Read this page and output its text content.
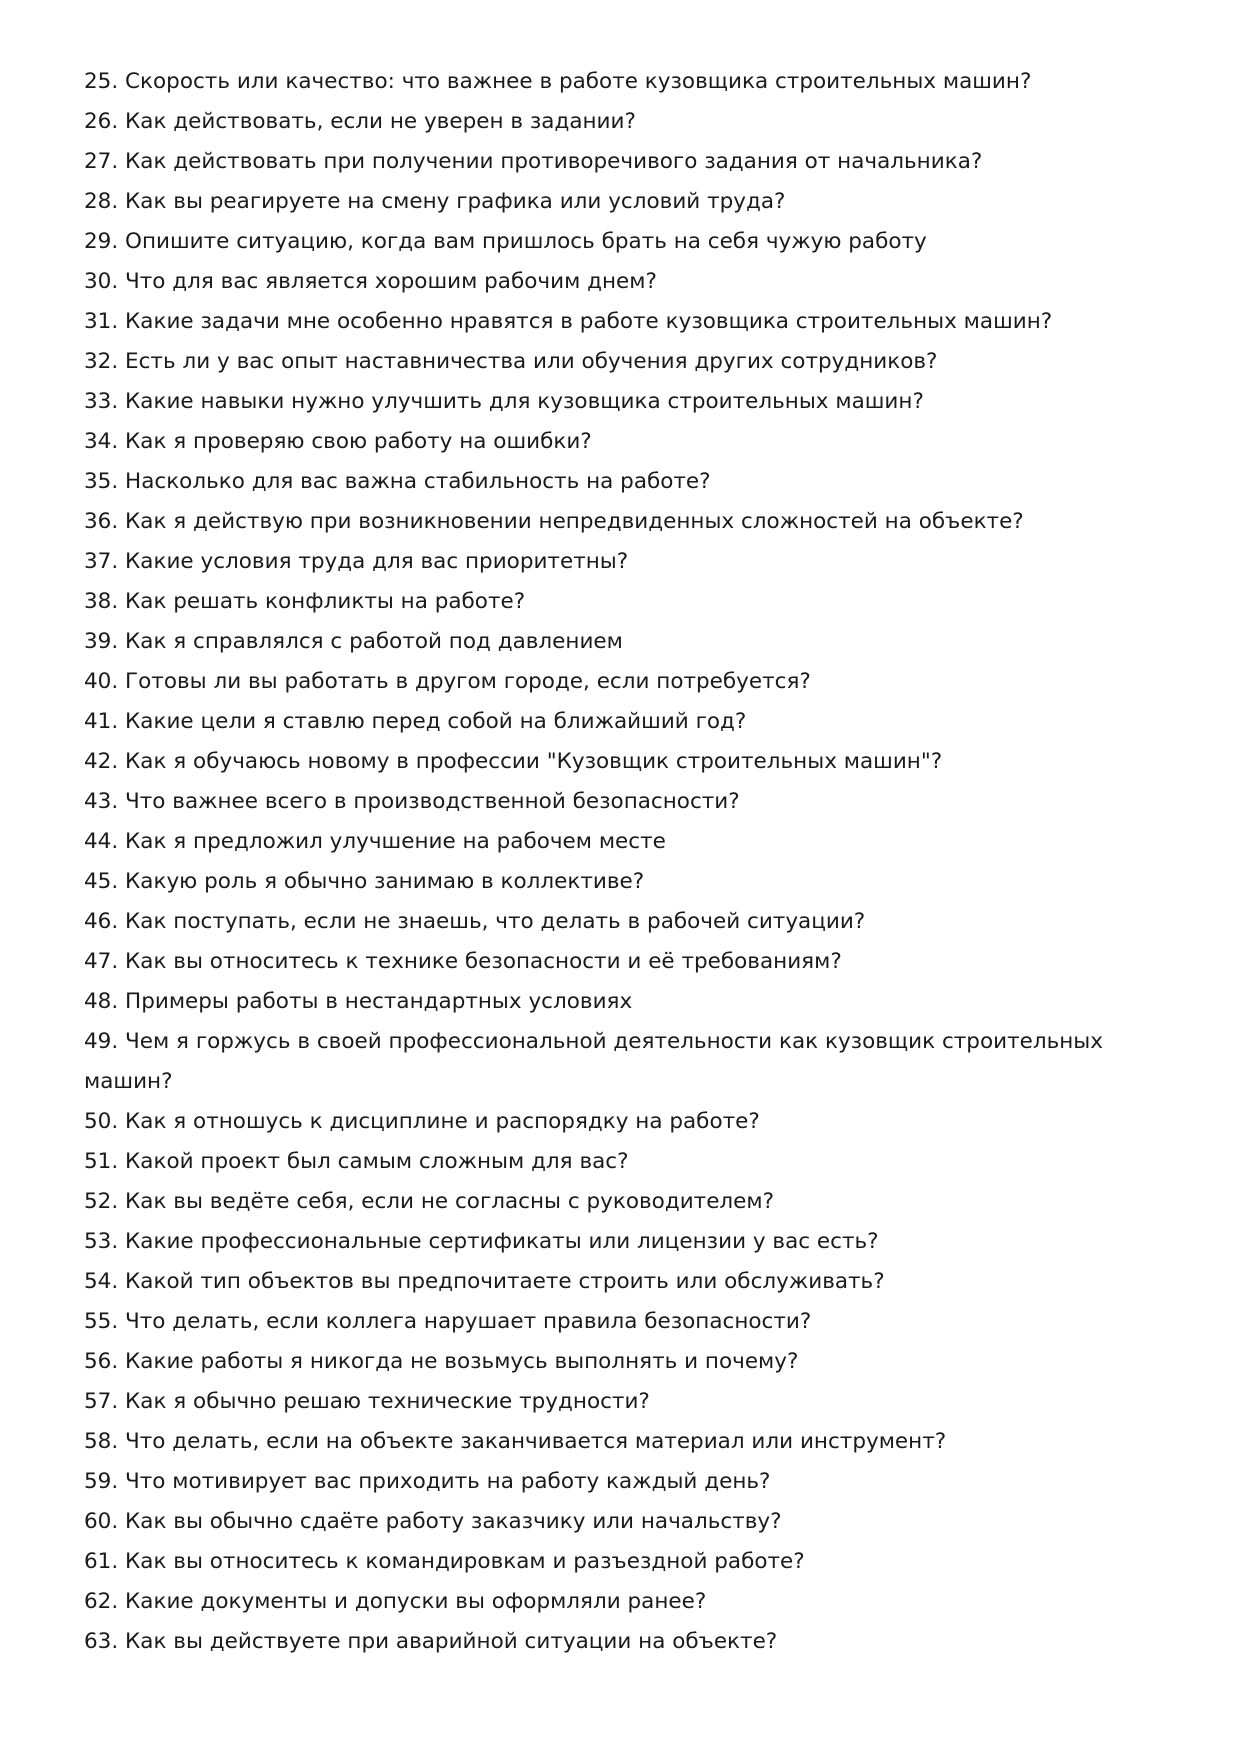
25. Скорость или качество: что важнее в работе кузовщика строительных машин?
26. Как действовать, если не уверен в задании?
27. Как действовать при получении противоречивого задания от начальника?
28. Как вы реагируете на смену графика или условий труда?
29. Опишите ситуацию, когда вам пришлось брать на себя чужую работу
30. Что для вас является хорошим рабочим днем?
31. Какие задачи мне особенно нравятся в работе кузовщика строительных машин?
32. Есть ли у вас опыт наставничества или обучения других сотрудников?
33. Какие навыки нужно улучшить для кузовщика строительных машин?
34. Как я проверяю свою работу на ошибки?
35. Насколько для вас важна стабильность на работе?
36. Как я действую при возникновении непредвиденных сложностей на объекте?
37. Какие условия труда для вас приоритетны?
38. Как решать конфликты на работе?
39. Как я справлялся с работой под давлением
40. Готовы ли вы работать в другом городе, если потребуется?
41. Какие цели я ставлю перед собой на ближайший год?
42. Как я обучаюсь новому в профессии "Кузовщик строительных машин"?
43. Что важнее всего в производственной безопасности?
44. Как я предложил улучшение на рабочем месте
45. Какую роль я обычно занимаю в коллективе?
46. Как поступать, если не знаешь, что делать в рабочей ситуации?
47. Как вы относитесь к технике безопасности и её требованиям?
48. Примеры работы в нестандартных условиях
49. Чем я горжусь в своей профессиональной деятельности как кузовщик строительных машин?
50. Как я отношусь к дисциплине и распорядку на работе?
51. Какой проект был самым сложным для вас?
52. Как вы ведёте себя, если не согласны с руководителем?
53. Какие профессиональные сертификаты или лицензии у вас есть?
54. Какой тип объектов вы предпочитаете строить или обслуживать?
55. Что делать, если коллега нарушает правила безопасности?
56. Какие работы я никогда не возьмусь выполнять и почему?
57. Как я обычно решаю технические трудности?
58. Что делать, если на объекте заканчивается материал или инструмент?
59. Что мотивирует вас приходить на работу каждый день?
60. Как вы обычно сдаёте работу заказчику или начальству?
61. Как вы относитесь к командировкам и разъездной работе?
62. Какие документы и допуски вы оформляли ранее?
63. Как вы действуете при аварийной ситуации на объекте?
